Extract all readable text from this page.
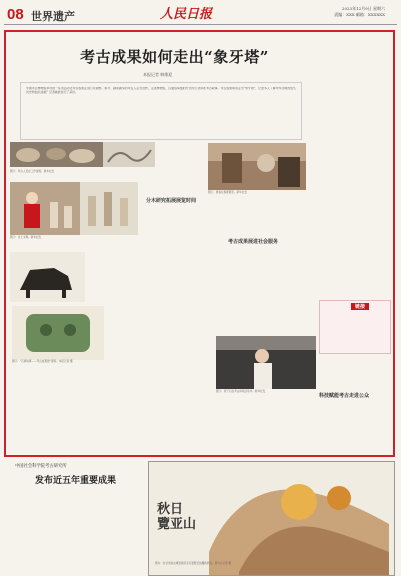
08 世界遗产	人民日报	2023年12月9日 星期六
责编：XXX 邮箱：XXXXXX
考古成果如何走出“象牙塔”
本报记者 韩维迎
中国考古博物馆举办的一系列活动让考古成果走进公众视野。如今，越来越多的考古人走出田野、走进博物馆，以通俗易懂的方式向公众讲述考古故事。考古成果如何走出“象牙塔”，让更多人了解中华文明的悠久历史和灿烂成就？记者就此进行了采访。
图①：游客在参观展览。新华社发
图②：考古人员在工作现场。新华社发
图③：出土文物。新华社发
图④：“石峁故事——考古成果展”现场。本报记者 摄
分木研究拓展展览时间
考古成果展进社会服务
科技赋能考古走进公众
链接
图⑤：孩子们在考古体验活动中。新华社发
中国社会科学院考古研究所
发布近五年重要成果
秋日
覽亚山
图为：在甘肃省永靖县炳灵寺石窟附近拍摄的秋色。新华社记者 摄
